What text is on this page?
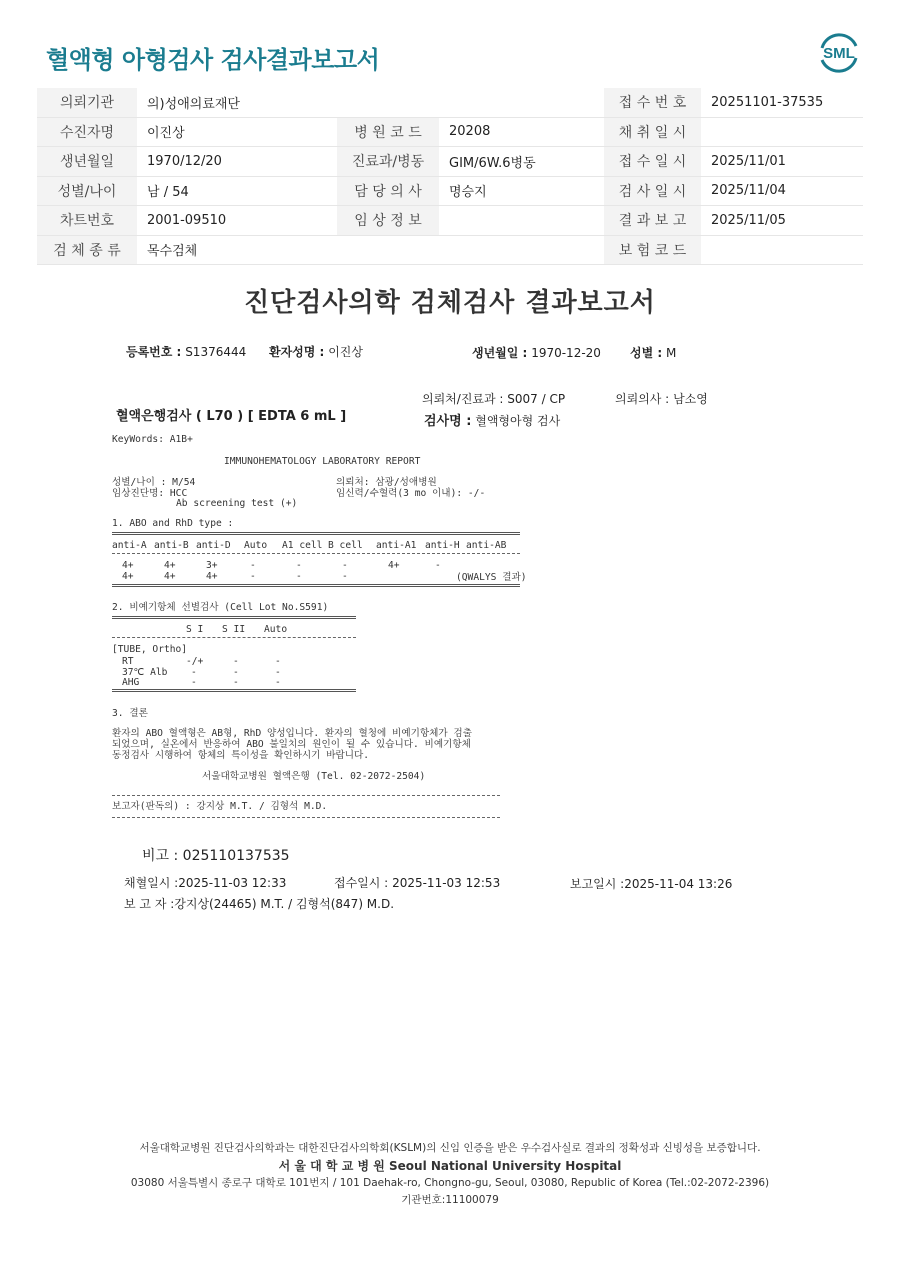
혈액형 아형검사 검사결과보고서	SML
의뢰기관	의)성애의료재단			접 수 번 호	20251101-37535
수진자명	이진상	병 원 코 드	20208	채 취 일 시	
생년월일	1970/12/20	진료과/병동	GIM/6W.6병동	접 수 일 시	2025/11/01
성별/나이	남 / 54	담 당 의 사	명승지	검 사 일 시	2025/11/04
차트번호	2001-09510	임 상 정 보		결 과 보 고	2025/11/05
검 체 종 류	목수검체			보 험 코 드	
진단검사의학 검체검사 결과보고서
등록번호 : S1376444 환자성명 : 이진상	생년월일 : 1970-12-20 성별 : M
의뢰처/진료과 : S007 / CP	의뢰의사 : 남소영
혈액은행검사 ( L70 ) [ EDTA 6 mL ]	검사명 : 혈액형아형 검사
KeyWords: A1B+
IMMUNOHEMATOLOGY LABORATORY REPORT
성별/나이 : M/54	의뢰처: 삼광/성애병원
임상진단명: HCC	임신력/수혈력(3 mo 이내): -/-
Ab screening test (+)
1. ABO and RhD type :
anti-A anti-B anti-D Auto A1 cell B cell anti-A1 anti-H anti-AB
4+	4+	3+	-	-	-	4+	-
4+	4+	4+	-	-	-	(QWALYS 결과)
2. 비예기항체 선별검사 (Cell Lot No.S591)
S I S II Auto
[TUBE, Ortho]
RT	-/+	-	-
37℃ Alb -	-	-
AHG	-	-	-
3. 결론
환자의 ABO 혈액형은 AB형, RhD 양성입니다. 환자의 혈청에 비예기항체가 검출
되었으며, 실온에서 반응하여 ABO 불일치의 원인이 될 수 있습니다. 비예기항체
동정검사 시행하여 항체의 특이성을 확인하시기 바랍니다.
서울대학교병원 혈액은행 (Tel. 02-2072-2504)
보고자(판독의) : 강지상 M.T. / 김형석 M.D.
비고 : 025110137535
채혈일시 :2025-11-03 12:33	접수일시 : 2025-11-03 12:53	보고일시 :2025-11-04 13:26
보 고 자 :강지상(24465) M.T. / 김형석(847) M.D.
서울대학교병원 진단검사의학과는 대한진단검사의학회(KSLM)의 신임 인증을 받은 우수검사실로 결과의 정확성과 신빙성을 보증합니다.
서 울 대 학 교 병 원 Seoul National University Hospital
03080 서울특별시 종로구 대학로 101번지 / 101 Daehak-ro, Chongno-gu, Seoul, 03080, Republic of Korea (Tel.:02-2072-2396)
기관번호:11100079
